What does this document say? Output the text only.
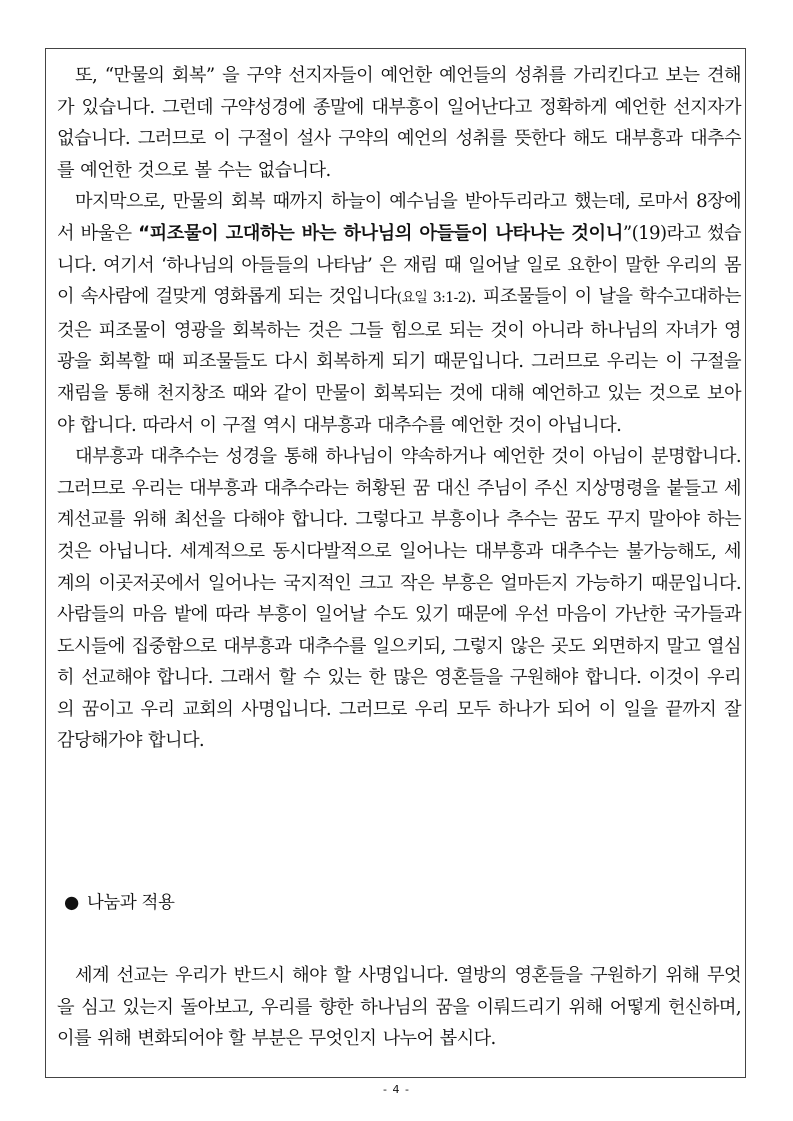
또, “만물의 회복” 을 구약 선지자들이 예언한 예언들의 성취를 가리킨다고 보는 견해가 있습니다. 그런데 구약성경에 종말에 대부흥이 일어난다고 정확하게 예언한 선지자가 없습니다. 그러므로 이 구절이 설사 구약의 예언의 성취를 뜻한다 해도 대부흥과 대추수를 예언한 것으로 볼 수는 없습니다.

마지막으로, 만물의 회복 때까지 하늘이 예수님을 받아두리라고 했는데, 로마서 8장에서 바울은 “피조물이 고대하는 바는 하나님의 아들들이 나타나는 것이니”(19)라고 썼습니다. 여기서 ‘하나님의 아들들의 나타남’ 은 재림 때 일어날 일로 요한이 말한 우리의 몸이 속사람에 걸맞게 영화롭게 되는 것입니다(요일 3:1-2). 피조물들이 이 날을 학수고대하는 것은 피조물이 영광을 회복하는 것은 그들 힘으로 되는 것이 아니라 하나님의 자녀가 영광을 회복할 때 피조물들도 다시 회복하게 되기 때문입니다. 그러므로 우리는 이 구절을 재림을 통해 천지창조 때와 같이 만물이 회복되는 것에 대해 예언하고 있는 것으로 보아야 합니다. 따라서 이 구절 역시 대부흥과 대추수를 예언한 것이 아닙니다.

대부흥과 대추수는 성경을 통해 하나님이 약속하거나 예언한 것이 아님이 분명합니다. 그러므로 우리는 대부흥과 대추수라는 허황된 꿈 대신 주님이 주신 지상명령을 붙들고 세계선교를 위해 최선을 다해야 합니다. 그렇다고 부흥이나 추수는 꿈도 꾸지 말아야 하는 것은 아닙니다. 세계적으로 동시다발적으로 일어나는 대부흥과 대추수는 불가능해도, 세계의 이곳저곳에서 일어나는 국지적인 크고 작은 부흥은 얼마든지 가능하기 때문입니다. 사람들의 마음 밭에 따라 부흥이 일어날 수도 있기 때문에 우선 마음이 가난한 국가들과 도시들에 집중함으로 대부흥과 대추수를 일으키되, 그렇지 않은 곳도 외면하지 말고 열심히 선교해야 합니다. 그래서 할 수 있는 한 많은 영혼들을 구원해야 합니다. 이것이 우리의 꿈이고 우리 교회의 사명입니다. 그러므로 우리 모두 하나가 되어 이 일을 끝까지 잘 감당해가야 합니다.

● 나눔과 적용

세계 선교는 우리가 반드시 해야 할 사명입니다. 열방의 영혼들을 구원하기 위해 무엇을 심고 있는지 돌아보고, 우리를 향한 하나님의 꿈을 이뤄드리기 위해 어떻게 헌신하며, 이를 위해 변화되어야 할 부분은 무엇인지 나누어 봅시다.

- 4 -
